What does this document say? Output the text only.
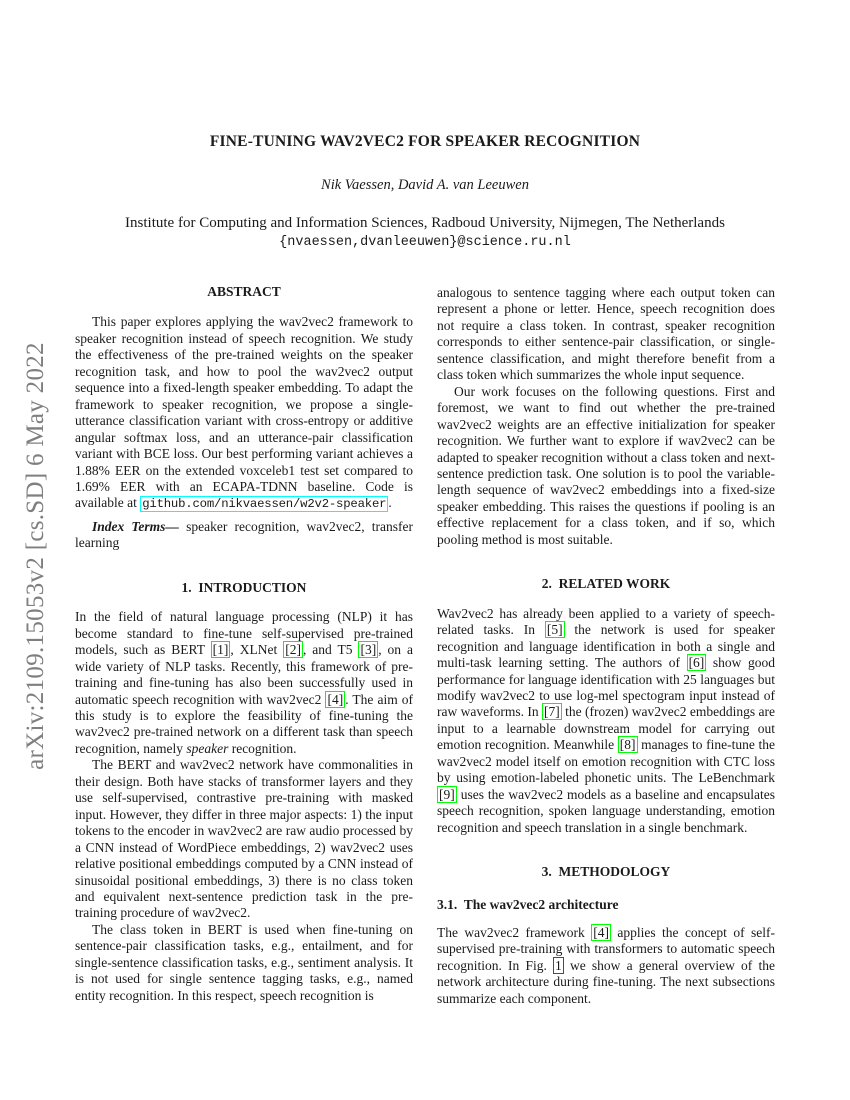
arXiv:2109.15053v2 [cs.SD] 6 May 2022
FINE-TUNING WAV2VEC2 FOR SPEAKER RECOGNITION
Nik Vaessen, David A. van Leeuwen
Institute for Computing and Information Sciences, Radboud University, Nijmegen, The Netherlands
{nvaessen,dvanleeuwen}@science.ru.nl
ABSTRACT

This paper explores applying the wav2vec2 framework to speaker recognition instead of speech recognition. We study the effectiveness of the pre-trained weights on the speaker recognition task, and how to pool the wav2vec2 output sequence into a fixed-length speaker embedding. To adapt the framework to speaker recognition, we propose a single-utterance classification variant with cross-entropy or additive angular softmax loss, and an utterance-pair classification variant with BCE loss. Our best performing variant achieves a 1.88% EER on the extended voxceleb1 test set compared to 1.69% EER with an ECAPA-TDNN baseline. Code is available at github.com/nikvaessen/w2v2-speaker .

Index Terms— speaker recognition, wav2vec2, transfer learning

1.  INTRODUCTION

In the field of natural language processing (NLP) it has become standard to fine-tune self-supervised pre-trained models, such as BERT [1] , XLNet [2] , and T5 [3] , on a wide variety of NLP tasks. Recently, this framework of pre-training and fine-tuning has also been successfully used in automatic speech recognition with wav2vec2 [4] . The aim of this study is to explore the feasibility of fine-tuning the wav2vec2 pre-trained network on a different task than speech recognition, namely speaker recognition.

The BERT and wav2vec2 network have commonalities in their design. Both have stacks of transformer layers and they use self-supervised, contrastive pre-training with masked input. However, they differ in three major aspects: 1) the input tokens to the encoder in wav2vec2 are raw audio processed by a CNN instead of WordPiece embeddings, 2) wav2vec2 uses relative positional embeddings computed by a CNN instead of sinusoidal positional embeddings, 3) there is no class token and equivalent next-sentence prediction task in the pre-training procedure of wav2vec2.

The class token in BERT is used when fine-tuning on sentence-pair classification tasks, e.g., entailment, and for single-sentence classification tasks, e.g., sentiment analysis. It is not used for single sentence tagging tasks, e.g., named entity recognition. In this respect, speech recognition is

analogous to sentence tagging where each output token can represent a phone or letter. Hence, speech recognition does not require a class token. In contrast, speaker recognition corresponds to either sentence-pair classification, or single-sentence classification, and might therefore benefit from a class token which summarizes the whole input sequence.

Our work focuses on the following questions. First and foremost, we want to find out whether the pre-trained wav2vec2 weights are an effective initialization for speaker recognition. We further want to explore if wav2vec2 can be adapted to speaker recognition without a class token and next-sentence prediction task. One solution is to pool the variable-length sequence of wav2vec2 embeddings into a fixed-size speaker embedding. This raises the questions if pooling is an effective replacement for a class token, and if so, which pooling method is most suitable.

2.  RELATED WORK

Wav2vec2 has already been applied to a variety of speech-related tasks. In [5] the network is used for speaker recognition and language identification in both a single and multi-task learning setting. The authors of [6] show good performance for language identification with 25 languages but modify wav2vec2 to use log-mel spectogram input instead of raw waveforms. In [7] the (frozen) wav2vec2 embeddings are input to a learnable downstream model for carrying out emotion recognition. Meanwhile [8] manages to fine-tune the wav2vec2 model itself on emotion recognition with CTC loss by using emotion-labeled phonetic units. The LeBenchmark [9] uses the wav2vec2 models as a baseline and encapsulates speech recognition, spoken language understanding, emotion recognition and speech translation in a single benchmark.

3.  METHODOLOGY
3.1.  The wav2vec2 architecture

The wav2vec2 framework [4] applies the concept of self-supervised pre-training with transformers to automatic speech recognition. In Fig. 1 we show a general overview of the network architecture during fine-tuning. The next subsections summarize each component.
